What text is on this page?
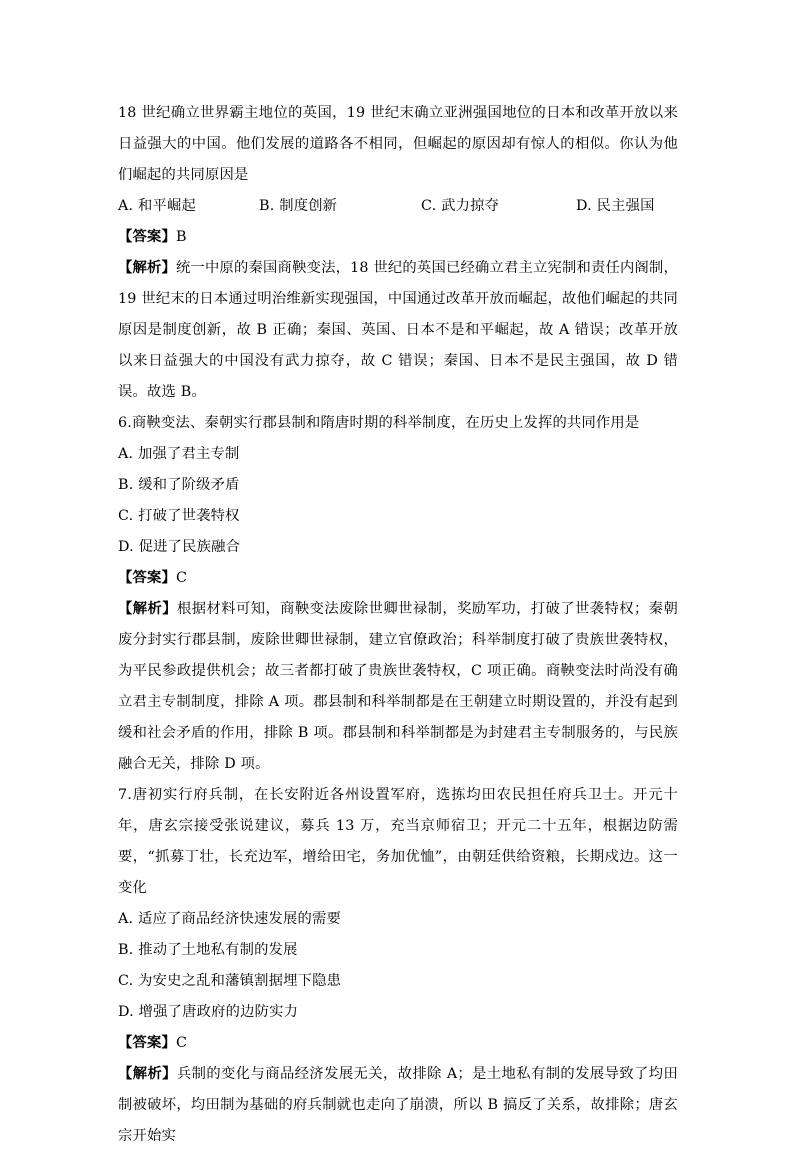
18 世纪确立世界霸主地位的英国，19 世纪末确立亚洲强国地位的日本和改革开放以来日益强大的中国。他们发展的道路各不相同，但崛起的原因却有惊人的相似。你认为他们崛起的共同原因是

A. 和平崛起	B. 制度创新	C. 武力掠夺	D. 民主强国

【答案】B

【解析】统一中原的秦国商鞅变法，18 世纪的英国已经确立君主立宪制和责任内阁制，19 世纪末的日本通过明治维新实现强国，中国通过改革开放而崛起，故他们崛起的共同原因是制度创新，故 B 正确；秦国、英国、日本不是和平崛起，故 A 错误；改革开放以来日益强大的中国没有武力掠夺，故 C 错误；秦国、日本不是民主强国，故 D 错误。故选 B。

6.商鞅变法、秦朝实行郡县制和隋唐时期的科举制度，在历史上发挥的共同作用是

A. 加强了君主专制

B. 缓和了阶级矛盾

C. 打破了世袭特权

D. 促进了民族融合

【答案】C

【解析】根据材料可知，商鞅变法废除世卿世禄制，奖励军功，打破了世袭特权；秦朝废分封实行郡县制，废除世卿世禄制，建立官僚政治；科举制度打破了贵族世袭特权，为平民参政提供机会；故三者都打破了贵族世袭特权，C 项正确。商鞅变法时尚没有确立君主专制制度，排除 A 项。郡县制和科举制都是在王朝建立时期设置的，并没有起到缓和社会矛盾的作用，排除 B 项。郡县制和科举制都是为封建君主专制服务的，与民族融合无关，排除 D 项。

7.唐初实行府兵制，在长安附近各州设置军府，选拣均田农民担任府兵卫士。开元十年，唐玄宗接受张说建议，募兵 13 万，充当京师宿卫；开元二十五年，根据边防需要，“抓募丁壮，长充边军，增给田宅，务加优恤”，由朝廷供给资粮，长期戍边。这一变化

A. 适应了商品经济快速发展的需要

B. 推动了土地私有制的发展

C. 为安史之乱和藩镇割据埋下隐患

D. 增强了唐政府的边防实力

【答案】C

【解析】兵制的变化与商品经济发展无关，故排除 A；是土地私有制的发展导致了均田制被破坏，均田制为基础的府兵制就也走向了崩溃，所以 B 搞反了关系，故排除；唐玄宗开始实
